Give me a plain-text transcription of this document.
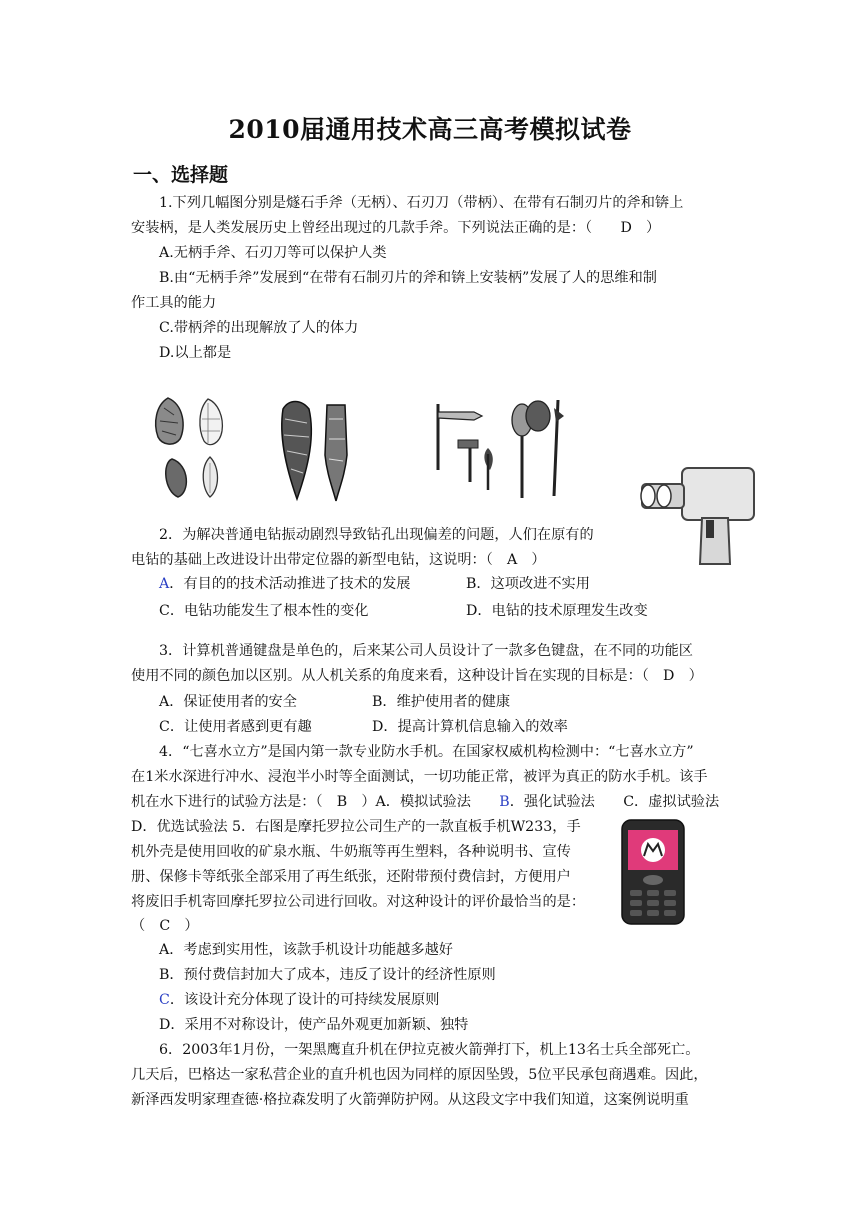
2010届通用技术高三高考模拟试卷
一、选择题
1.下列几幅图分别是燧石手斧（无柄）、石刃刀（带柄）、在带有石制刃片的斧和锛上
安装柄，是人类发展历史上曾经出现过的几款手斧。下列说法正确的是：（　　D　）
A.无柄手斧、石刃刀等可以保护人类
B.由“无柄手斧”发展到“在带有石制刃片的斧和锛上安装柄”发展了人的思维和制
作工具的能力
C.带柄斧的出现解放了人的体力
D.以上都是
2．为解决普通电钻振动剧烈导致钻孔出现偏差的问题，人们在原有的
电钻的基础上改进设计出带定位器的新型电钻，这说明：（　A　）
A．有目的的技术活动推进了技术的发展	B．这项改进不实用
C．电钻功能发生了根本性的变化	D．电钻的技术原理发生改变
3．计算机普通键盘是单色的，后来某公司人员设计了一款多色键盘，在不同的功能区
使用不同的颜色加以区别。从人机关系的角度来看，这种设计旨在实现的目标是：（　D　）
A．保证使用者的安全	B．维护使用者的健康
C．让使用者感到更有趣	D．提高计算机信息输入的效率
4．“七喜水立方”是国内第一款专业防水手机。在国家权威机构检测中：“七喜水立方”
在1米水深进行冲水、浸泡半小时等全面测试，一切功能正常，被评为真正的防水手机。该手
机在水下进行的试验方法是：（　B　）A．模拟试验法　　B．强化试验法　　C．虚拟试验法
D．优选试验法 5．右图是摩托罗拉公司生产的一款直板手机W233，手
机外壳是使用回收的矿泉水瓶、牛奶瓶等再生塑料，各种说明书、宣传
册、保修卡等纸张全部采用了再生纸张，还附带预付费信封，方便用户
将废旧手机寄回摩托罗拉公司进行回收。对这种设计的评价最恰当的是：
（　C　）
A．考虑到实用性，该款手机设计功能越多越好
B．预付费信封加大了成本，违反了设计的经济性原则
C．该设计充分体现了设计的可持续发展原则
D．采用不对称设计，使产品外观更加新颖、独特
6．2003年1月份，一架黑鹰直升机在伊拉克被火箭弹打下，机上13名士兵全部死亡。
几天后，巴格达一家私营企业的直升机也因为同样的原因坠毁，5位平民承包商遇难。因此，
新泽西发明家理查德·格拉森发明了火箭弹防护网。从这段文字中我们知道，这案例说明重
